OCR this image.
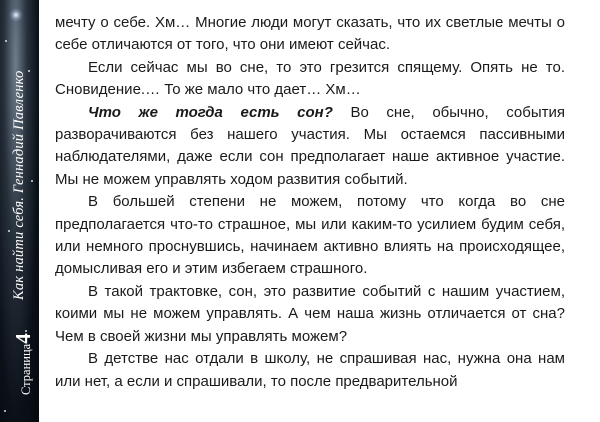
Как найти себя. Геннадий Павленко
Страница4

мечту о себе. Хм… Многие люди могут сказать, что их светлые мечты о себе отличаются от того, что они имеют сейчас.

Если сейчас мы во сне, то это грезится спящему. Опять не то. Сновидение.… То же мало что дает… Хм…

Что же тогда есть сон? Во сне, обычно, события разворачиваются без нашего участия. Мы остаемся пассивными наблюдателями, даже если сон предполагает наше активное участие. Мы не можем управлять ходом развития событий.

В большей степени не можем, потому что когда во сне предполагается что-то страшное, мы или каким-то усилием будим себя, или немного проснувшись, начинаем активно влиять на происходящее, домысливая его и этим избегаем страшного.

В такой трактовке, сон, это развитие событий с нашим участием, коими мы не можем управлять. А чем наша жизнь отличается от сна? Чем в своей жизни мы управлять можем?

В детстве нас отдали в школу, не спрашивая нас, нужна она нам или нет, а если и спрашивали, то после предварительной
